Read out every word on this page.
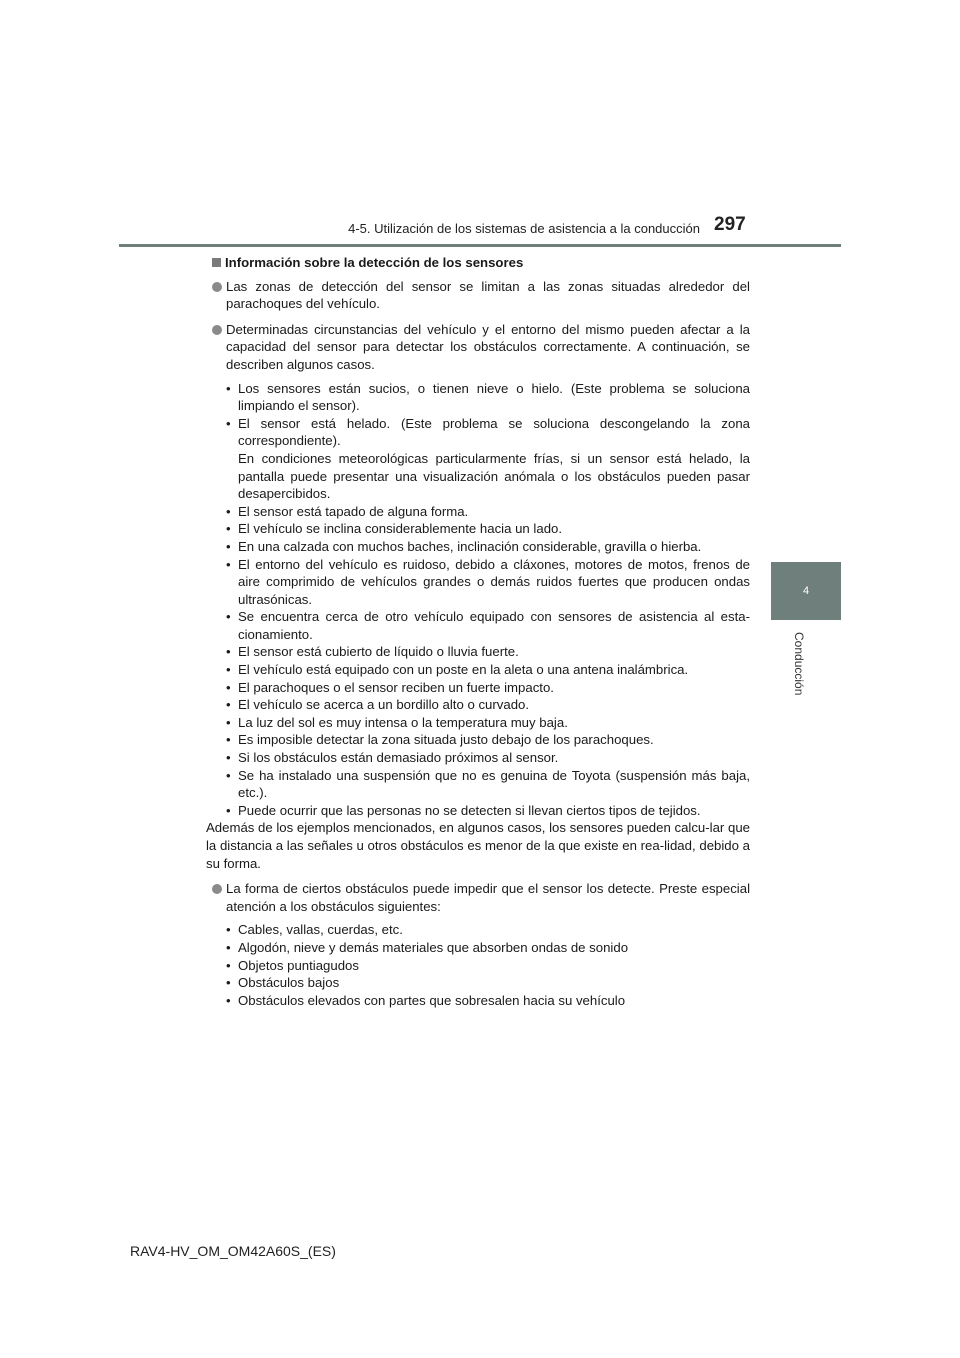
4-5. Utilización de los sistemas de asistencia a la conducción 297
4
Conducción
Información sobre la detección de los sensores
Las zonas de detección del sensor se limitan a las zonas situadas alrededor del parachoques del vehículo.
Determinadas circunstancias del vehículo y el entorno del mismo pueden afectar a la capacidad del sensor para detectar los obstáculos correctamente. A continuación, se describen algunos casos.
• Los sensores están sucios, o tienen nieve o hielo. (Este problema se soluciona limpiando el sensor).
• El sensor está helado. (Este problema se soluciona descongelando la zona correspondiente).
En condiciones meteorológicas particularmente frías, si un sensor está helado, la pantalla puede presentar una visualización anómala o los obstáculos pueden pasar desapercibidos.
• El sensor está tapado de alguna forma.
• El vehículo se inclina considerablemente hacia un lado.
• En una calzada con muchos baches, inclinación considerable, gravilla o hierba.
• El entorno del vehículo es ruidoso, debido a cláxones, motores de motos, frenos de aire comprimido de vehículos grandes o demás ruidos fuertes que producen ondas ultrasónicas.
• Se encuentra cerca de otro vehículo equipado con sensores de asistencia al esta-cionamiento.
• El sensor está cubierto de líquido o lluvia fuerte.
• El vehículo está equipado con un poste en la aleta o una antena inalámbrica.
• El parachoques o el sensor reciben un fuerte impacto.
• El vehículo se acerca a un bordillo alto o curvado.
• La luz del sol es muy intensa o la temperatura muy baja.
• Es imposible detectar la zona situada justo debajo de los parachoques.
• Si los obstáculos están demasiado próximos al sensor.
• Se ha instalado una suspensión que no es genuina de Toyota (suspensión más baja, etc.).
• Puede ocurrir que las personas no se detecten si llevan ciertos tipos de tejidos.

Además de los ejemplos mencionados, en algunos casos, los sensores pueden calcu-lar que la distancia a las señales u otros obstáculos es menor de la que existe en rea-lidad, debido a su forma.

La forma de ciertos obstáculos puede impedir que el sensor los detecte. Preste especial atención a los obstáculos siguientes:
• Cables, vallas, cuerdas, etc.
• Algodón, nieve y demás materiales que absorben ondas de sonido
• Objetos puntiagudos
• Obstáculos bajos
• Obstáculos elevados con partes que sobresalen hacia su vehículo
RAV4-HV_OM_OM42A60S_(ES)
